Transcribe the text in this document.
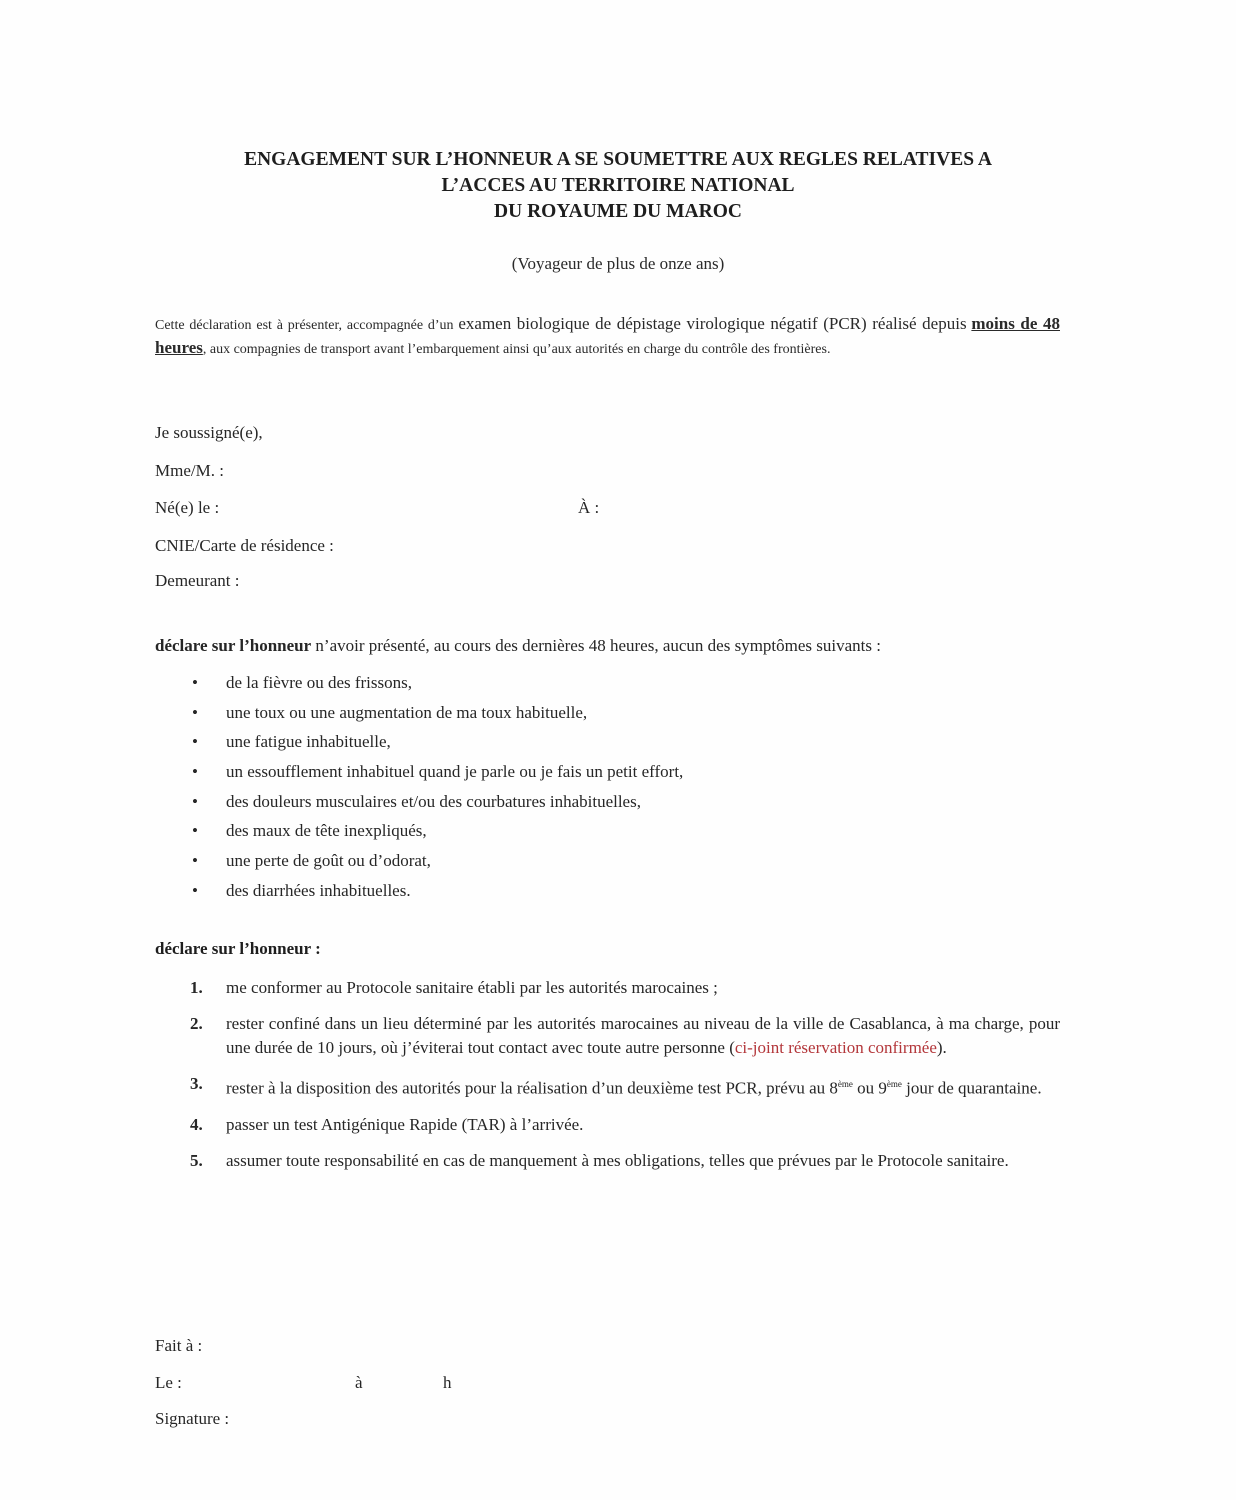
ENGAGEMENT SUR L’HONNEUR A SE SOUMETTRE AUX REGLES RELATIVES A
L’ACCES AU TERRITOIRE NATIONAL
DU ROYAUME DU MAROC
(Voyageur de plus de onze ans)
Cette déclaration est à présenter, accompagnée d’un examen biologique de dépistage virologique négatif (PCR) réalisé depuis moins de 48 heures, aux compagnies de transport avant l’embarquement ainsi qu’aux autorités en charge du contrôle des frontières.
Je soussigné(e),
Mme/M. :
Né(e) le :	À :
CNIE/Carte de résidence :
Demeurant :
déclare sur l’honneur n’avoir présenté, au cours des dernières 48 heures, aucun des symptômes suivants :
• de la fièvre ou des frissons,
• une toux ou une augmentation de ma toux habituelle,
• une fatigue inhabituelle,
• un essoufflement inhabituel quand je parle ou je fais un petit effort,
• des douleurs musculaires et/ou des courbatures inhabituelles,
• des maux de tête inexpliqués,
• une perte de goût ou d’odorat,
• des diarrhées inhabituelles.
déclare sur l’honneur :
1. me conformer au Protocole sanitaire établi par les autorités marocaines ;
2. rester confiné dans un lieu déterminé par les autorités marocaines au niveau de la ville de Casablanca, à ma charge, pour une durée de 10 jours, où j’éviterai tout contact avec toute autre personne (ci-joint réservation confirmée).
3. rester à la disposition des autorités pour la réalisation d’un deuxième test PCR, prévu au 8ème ou 9ème jour de quarantaine.
4. passer un test Antigénique Rapide (TAR) à l’arrivée.
5. assumer toute responsabilité en cas de manquement à mes obligations, telles que prévues par le Protocole sanitaire.
Fait à :
Le :	à	h
Signature :
